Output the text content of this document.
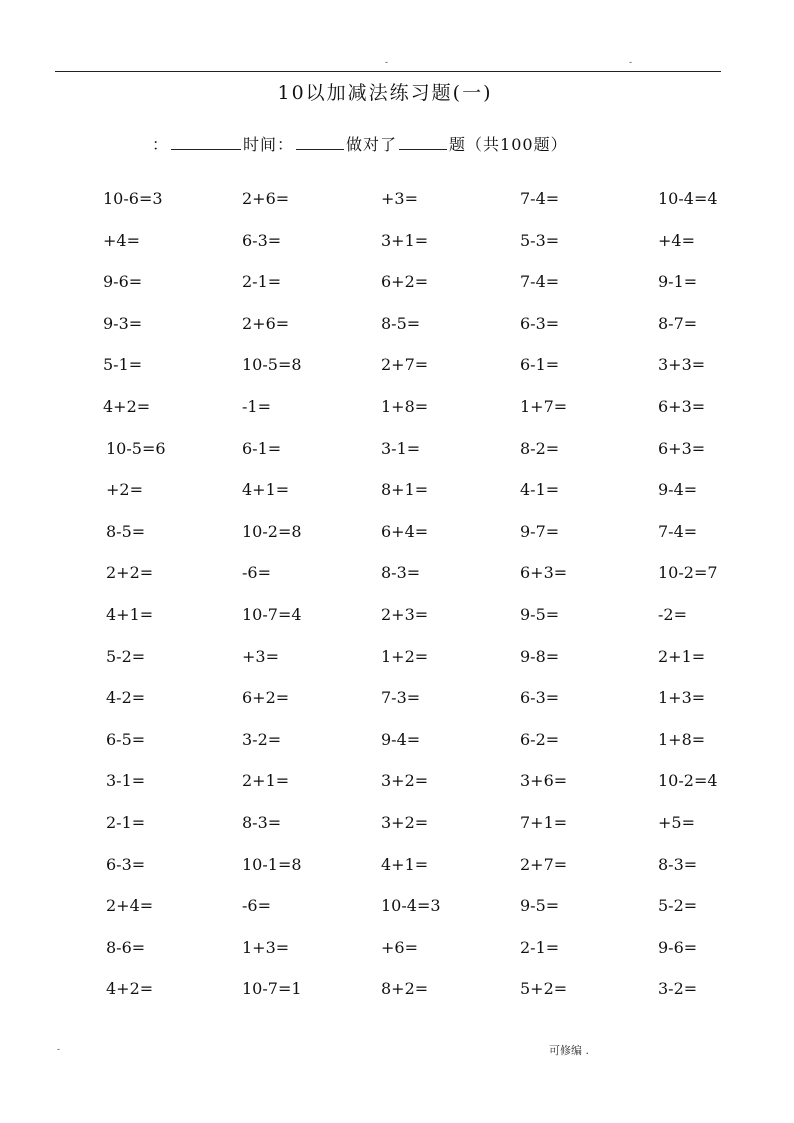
-	-
10以加减法练习题(一)
：	时间：	做对了	题（共100题）
10-6=3	2+6=	+3=	7-4=	10-4=4
+4=	6-3=	3+1=	5-3=	+4=
9-6=	2-1=	6+2=	7-4=	9-1=
9-3=	2+6=	8-5=	6-3=	8-7=
5-1=	10-5=8	2+7=	6-1=	3+3=
4+2=	-1=	1+8=	1+7=	6+3=
10-5=6	6-1=	3-1=	8-2=	6+3=
+2=	4+1=	8+1=	4-1=	9-4=
8-5=	10-2=8	6+4=	9-7=	7-4=
2+2=	-6=	8-3=	6+3=	10-2=7
4+1=	10-7=4	2+3=	9-5=	-2=
5-2=	+3=	1+2=	9-8=	2+1=
4-2=	6+2=	7-3=	6-3=	1+3=
6-5=	3-2=	9-4=	6-2=	1+8=
3-1=	2+1=	3+2=	3+6=	10-2=4
2-1=	8-3=	3+2=	7+1=	+5=
6-3=	10-1=8	4+1=	2+7=	8-3=
2+4=	-6=	10-4=3	9-5=	5-2=
8-6=	1+3=	+6=	2-1=	9-6=
4+2=	10-7=1	8+2=	5+2=	3-2=
-	可修编 .
